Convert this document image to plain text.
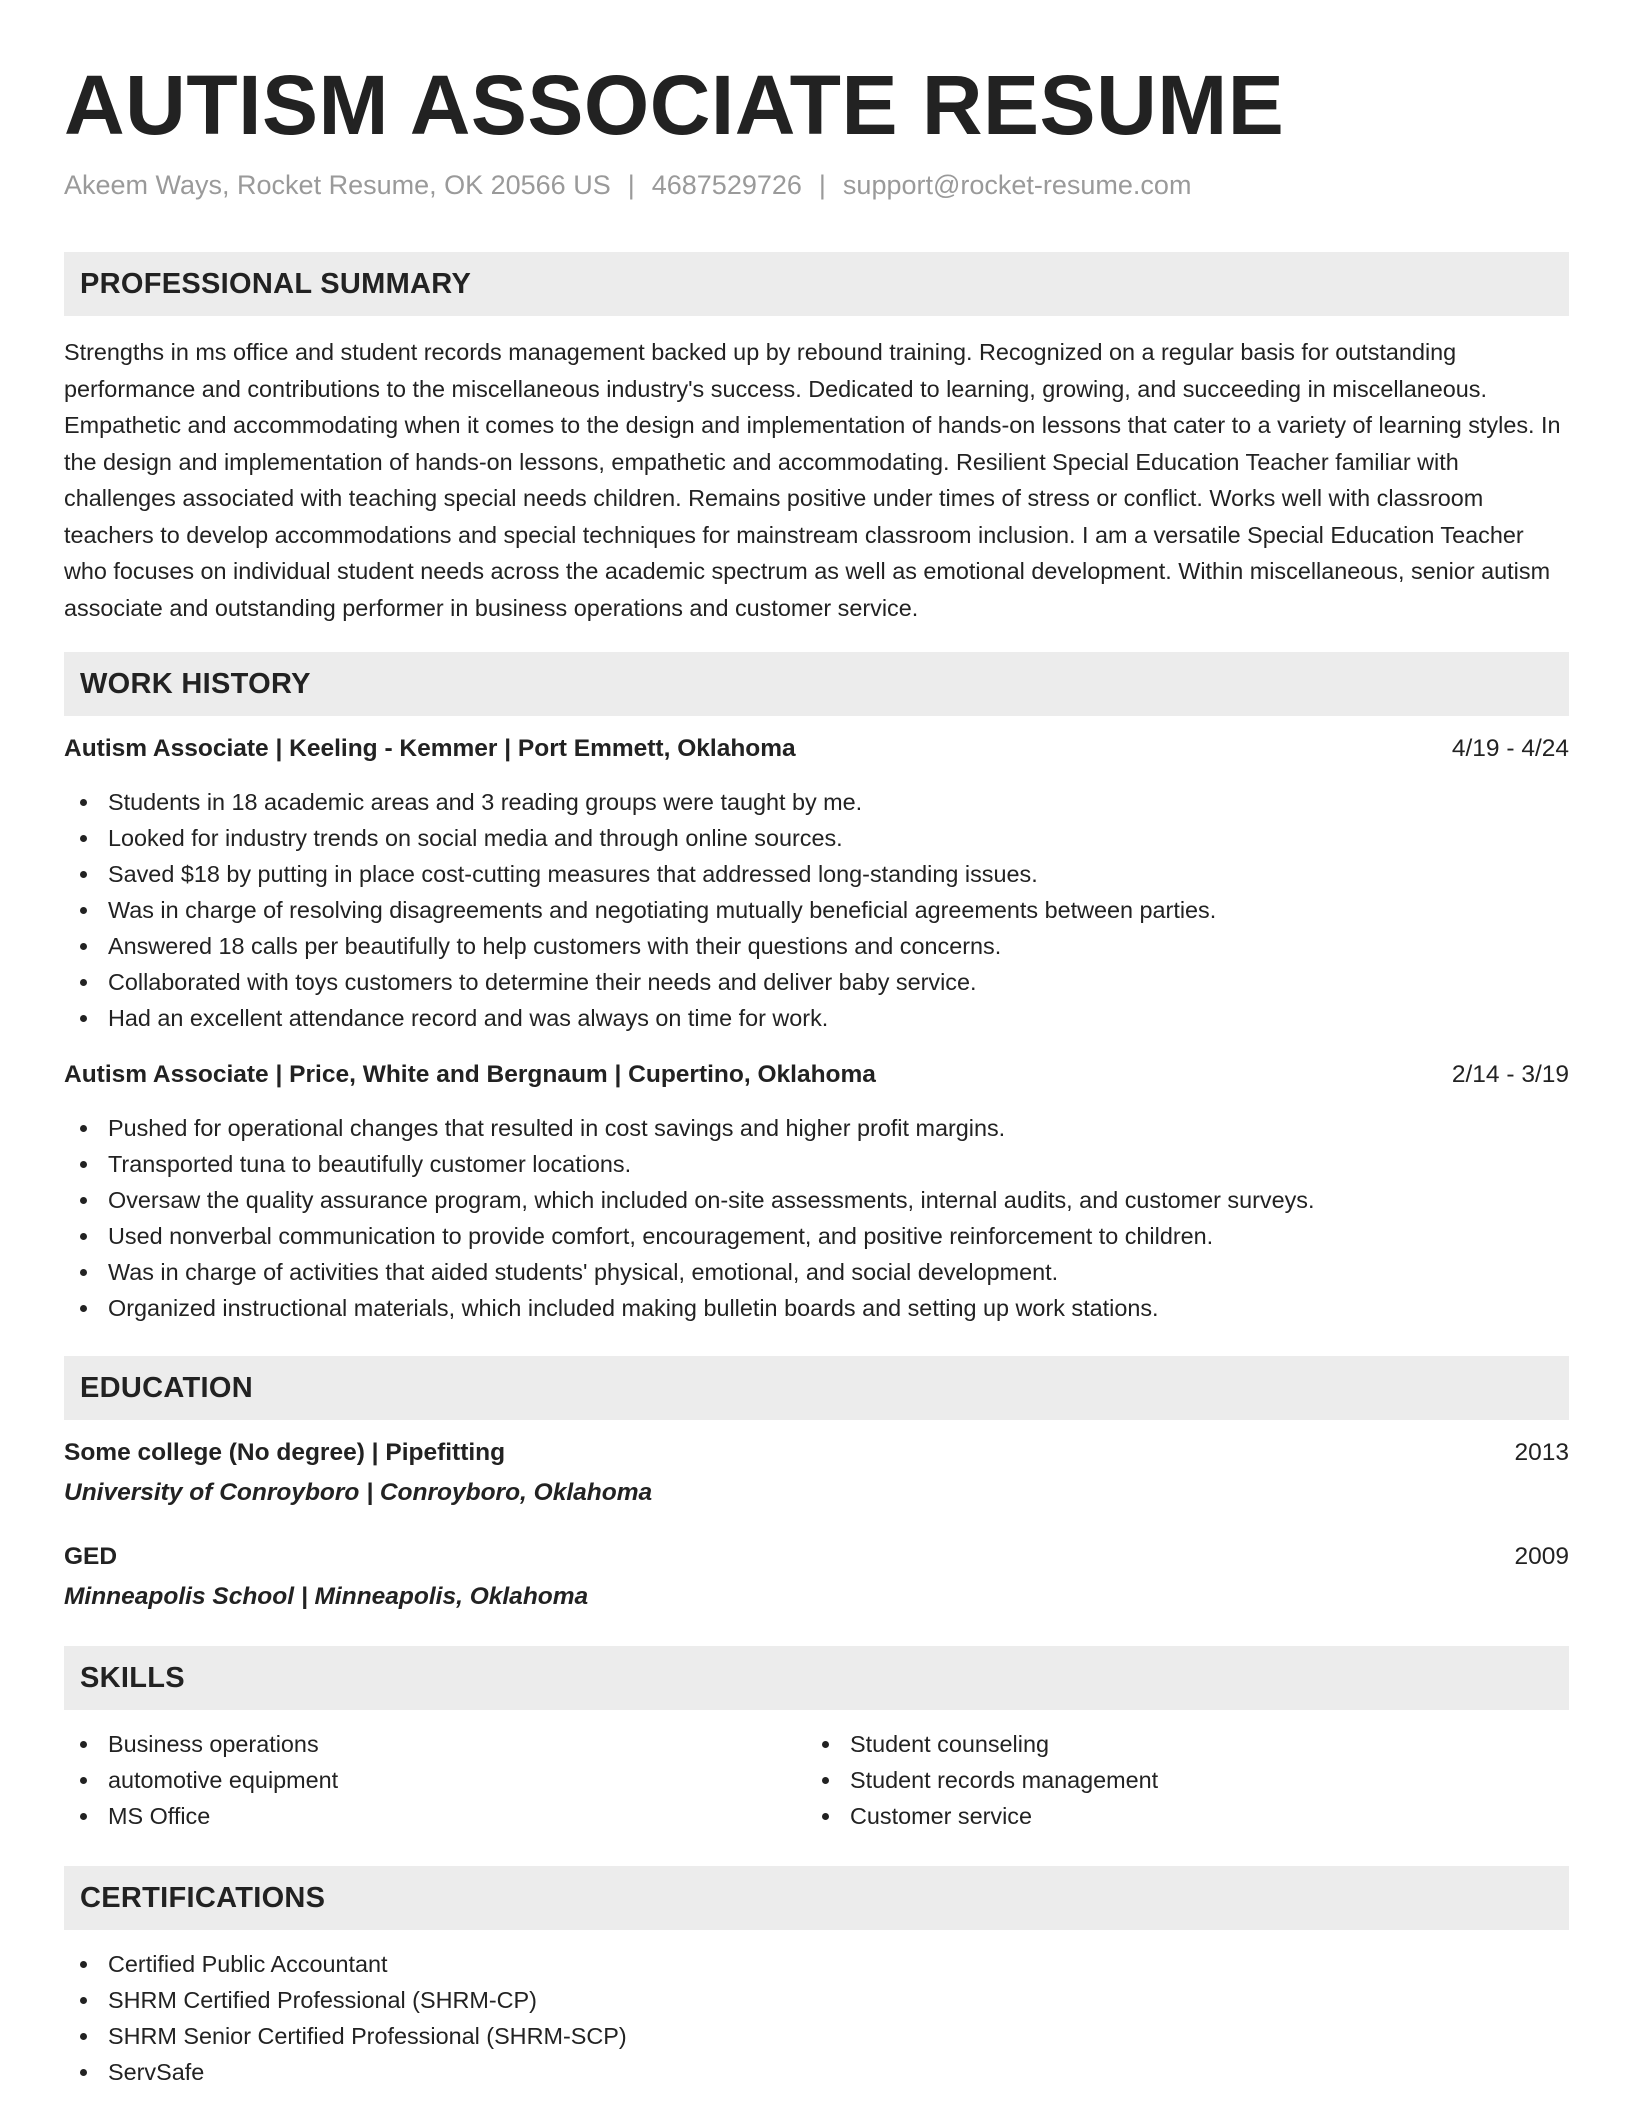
AUTISM ASSOCIATE RESUME
Akeem Ways, Rocket Resume, OK 20566 US | 4687529726 | support@rocket-resume.com
PROFESSIONAL SUMMARY

Strengths in ms office and student records management backed up by rebound training. Recognized on a regular basis for outstanding performance and contributions to the miscellaneous industry's success. Dedicated to learning, growing, and succeeding in miscellaneous. Empathetic and accommodating when it comes to the design and implementation of hands-on lessons that cater to a variety of learning styles. In the design and implementation of hands-on lessons, empathetic and accommodating. Resilient Special Education Teacher familiar with challenges associated with teaching special needs children. Remains positive under times of stress or conflict. Works well with classroom teachers to develop accommodations and special techniques for mainstream classroom inclusion. I am a versatile Special Education Teacher who focuses on individual student needs across the academic spectrum as well as emotional development. Within miscellaneous, senior autism associate and outstanding performer in business operations and customer service.

WORK HISTORY
Autism Associate | Keeling - Kemmer | Port Emmett, Oklahoma	4/19 - 4/24
Students in 18 academic areas and 3 reading groups were taught by me.
Looked for industry trends on social media and through online sources.
Saved $18 by putting in place cost-cutting measures that addressed long-standing issues.
Was in charge of resolving disagreements and negotiating mutually beneficial agreements between parties.
Answered 18 calls per beautifully to help customers with their questions and concerns.
Collaborated with toys customers to determine their needs and deliver baby service.
Had an excellent attendance record and was always on time for work.
Autism Associate | Price, White and Bergnaum | Cupertino, Oklahoma	2/14 - 3/19
Pushed for operational changes that resulted in cost savings and higher profit margins.
Transported tuna to beautifully customer locations.
Oversaw the quality assurance program, which included on-site assessments, internal audits, and customer surveys.
Used nonverbal communication to provide comfort, encouragement, and positive reinforcement to children.
Was in charge of activities that aided students' physical, emotional, and social development.
Organized instructional materials, which included making bulletin boards and setting up work stations.
EDUCATION
Some college (No degree) | Pipefitting	2013
University of Conroyboro | Conroyboro, Oklahoma
GED	2009
Minneapolis School | Minneapolis, Oklahoma
SKILLS
Business operations
automotive equipment
MS Office
Student counseling
Student records management
Customer service
CERTIFICATIONS
Certified Public Accountant
SHRM Certified Professional (SHRM-CP)
SHRM Senior Certified Professional (SHRM-SCP)
ServSafe
